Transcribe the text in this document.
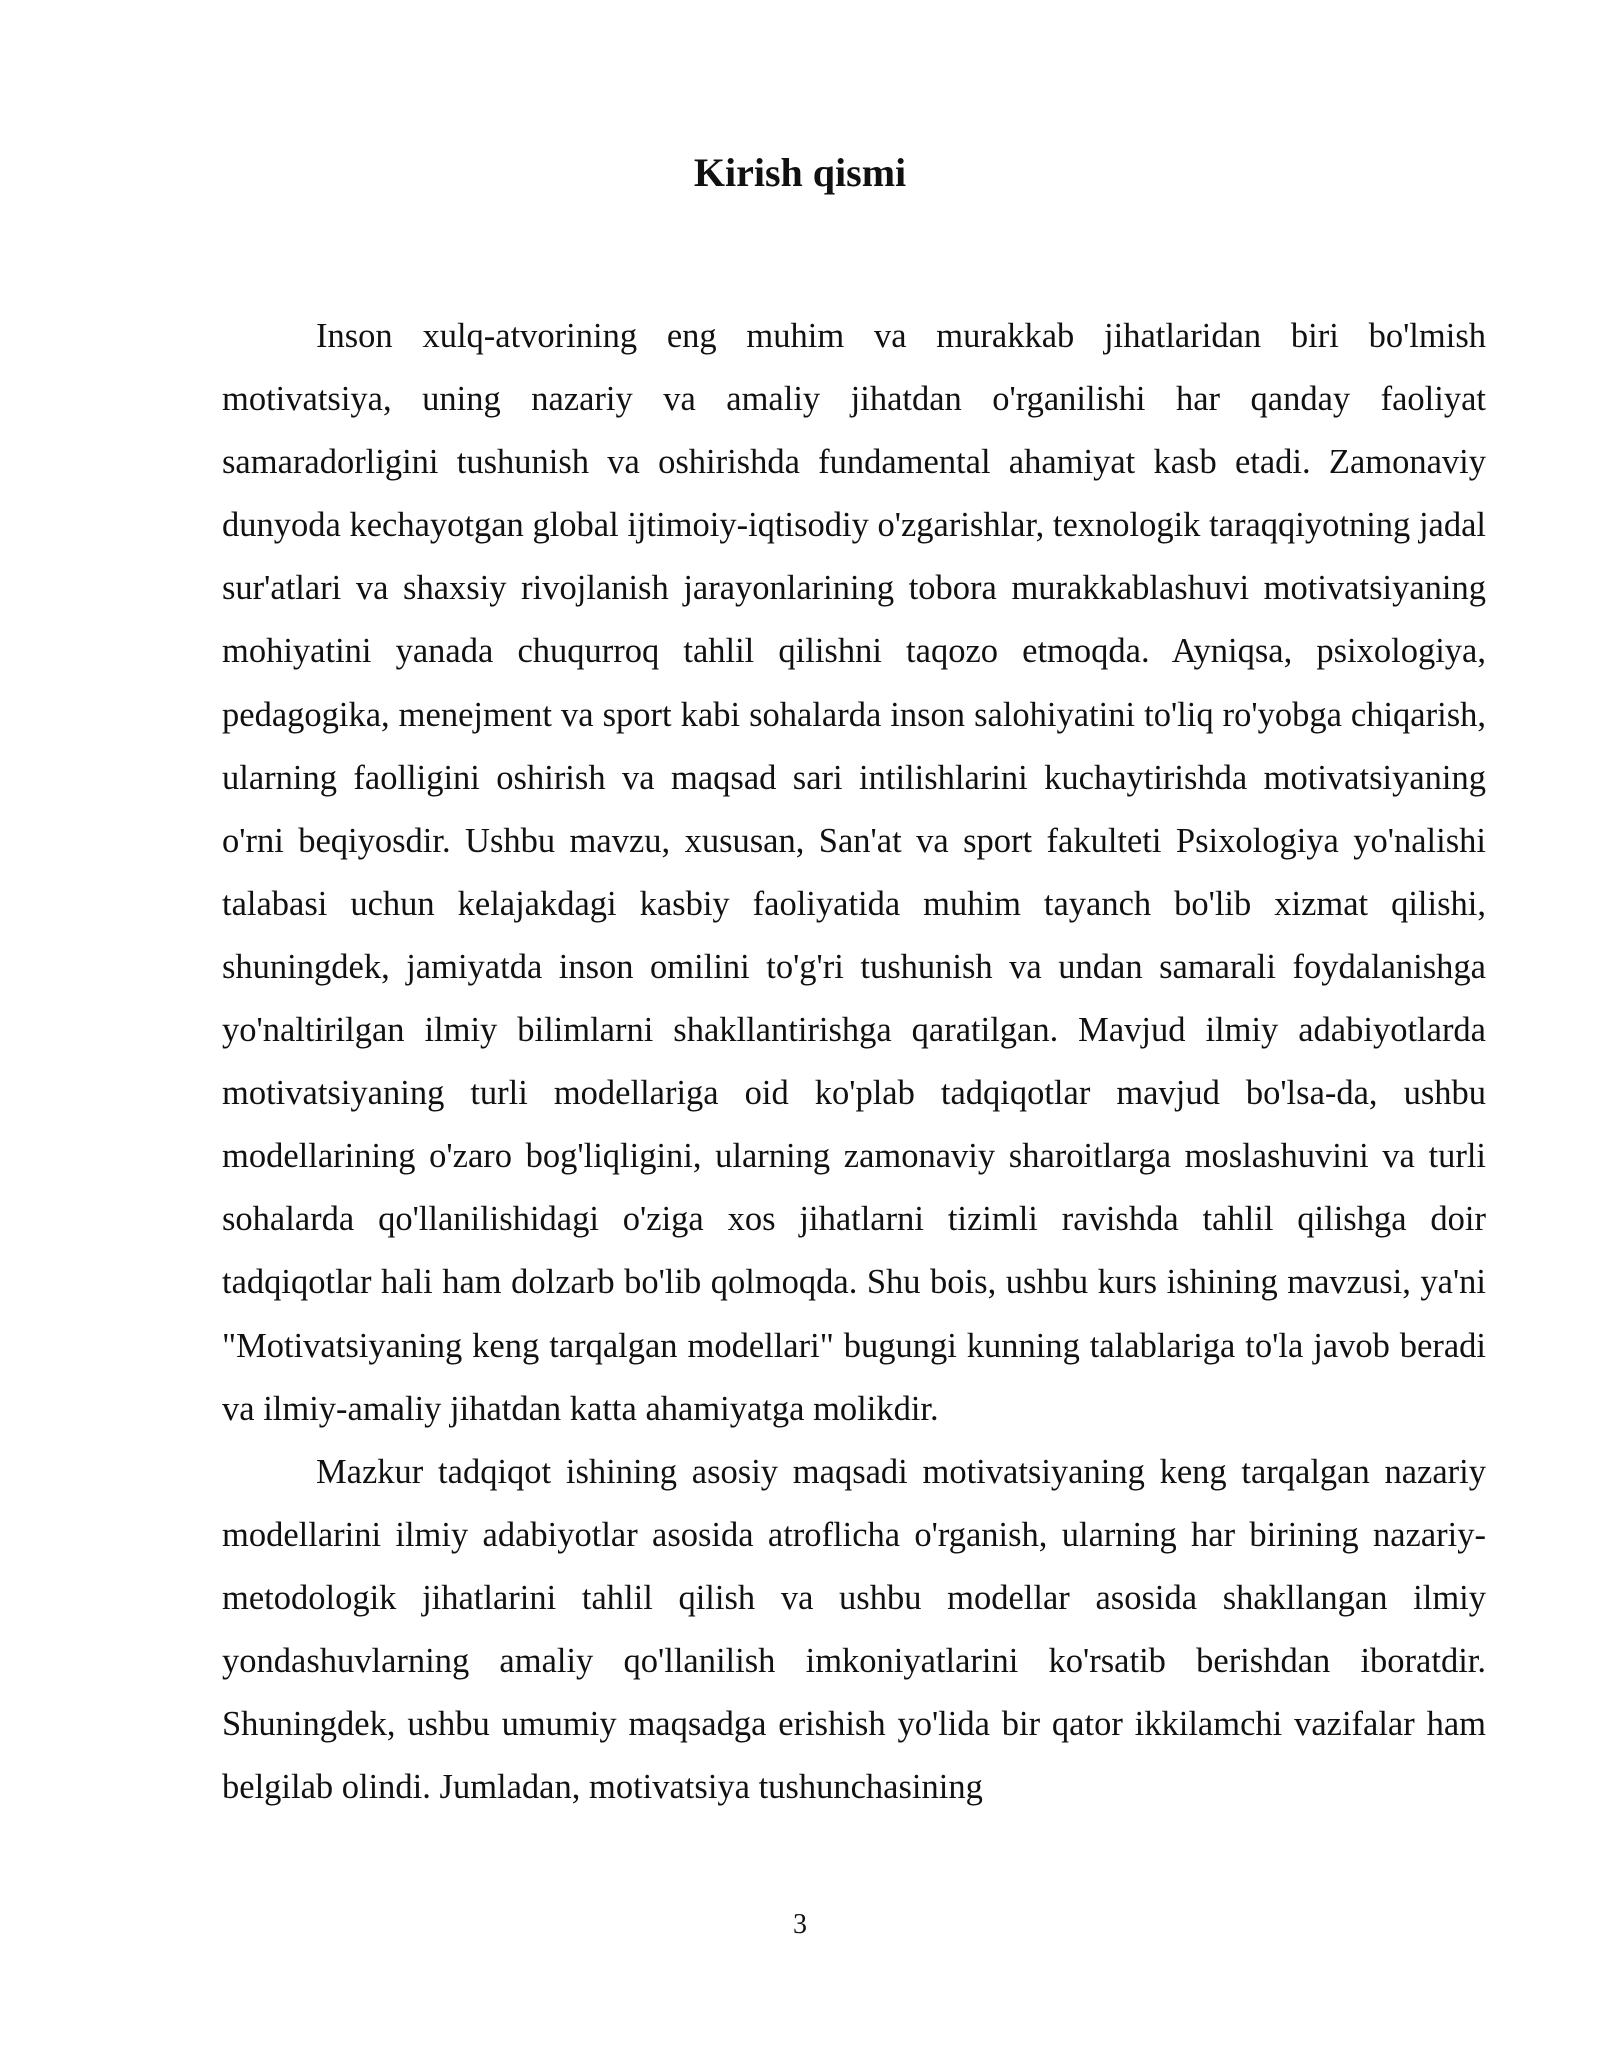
Kirish qismi

Inson xulq-atvorining eng muhim va murakkab jihatlaridan biri bo'lmish motivatsiya, uning nazariy va amaliy jihatdan o'rganilishi har qanday faoliyat samaradorligini tushunish va oshirishda fundamental ahamiyat kasb etadi. Zamonaviy dunyoda kechayotgan global ijtimoiy-iqtisodiy o'zgarishlar, texnologik taraqqiyotning jadal sur'atlari va shaxsiy rivojlanish jarayonlarining tobora murakkablashuvi motivatsiyaning mohiyatini yanada chuqurroq tahlil qilishni taqozo etmoqda. Ayniqsa, psixologiya, pedagogika, menejment va sport kabi sohalarda inson salohiyatini to'liq ro'yobga chiqarish, ularning faolligini oshirish va maqsad sari intilishlarini kuchaytirishda motivatsiyaning o'rni beqiyosdir. Ushbu mavzu, xususan, San'at va sport fakulteti Psixologiya yo'nalishi talabasi uchun kelajakdagi kasbiy faoliyatida muhim tayanch bo'lib xizmat qilishi, shuningdek, jamiyatda inson omilini to'g'ri tushunish va undan samarali foydalanishga yo'naltirilgan ilmiy bilimlarni shakllantirishga qaratilgan. Mavjud ilmiy adabiyotlarda motivatsiyaning turli modellariga oid ko'plab tadqiqotlar mavjud bo'lsa-da, ushbu modellarining o'zaro bog'liqligini, ularning zamonaviy sharoitlarga moslashuvini va turli sohalarda qo'llanilishidagi o'ziga xos jihatlarni tizimli ravishda tahlil qilishga doir tadqiqotlar hali ham dolzarb bo'lib qolmoqda. Shu bois, ushbu kurs ishining mavzusi, ya'ni "Motivatsiyaning keng tarqalgan modellari" bugungi kunning talablariga to'la javob beradi va ilmiy-amaliy jihatdan katta ahamiyatga molikdir.

Mazkur tadqiqot ishining asosiy maqsadi motivatsiyaning keng tarqalgan nazariy modellarini ilmiy adabiyotlar asosida atroflicha o'rganish, ularning har birining nazariy-metodologik jihatlarini tahlil qilish va ushbu modellar asosida shakllangan ilmiy yondashuvlarning amaliy qo'llanilish imkoniyatlarini ko'rsatib berishdan iboratdir. Shuningdek, ushbu umumiy maqsadga erishish yo'lida bir qator ikkilamchi vazifalar ham belgilab olindi. Jumladan, motivatsiya tushunchasining

3
